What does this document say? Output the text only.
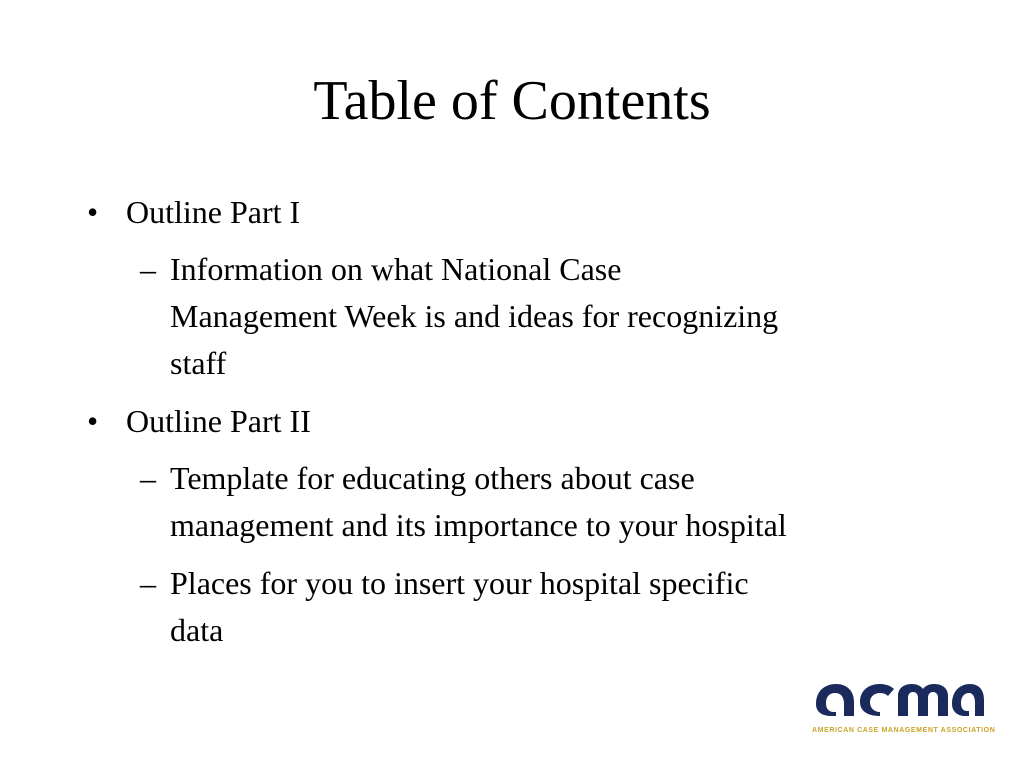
Table of Contents
• Outline Part I
– Information on what National Case
Management Week is and ideas for recognizing
staff
• Outline Part II
– Template for educating others about case
management and its importance to your hospital
– Places for you to insert your hospital specific
data
AMERICAN CASE MANAGEMENT ASSOCIATION
